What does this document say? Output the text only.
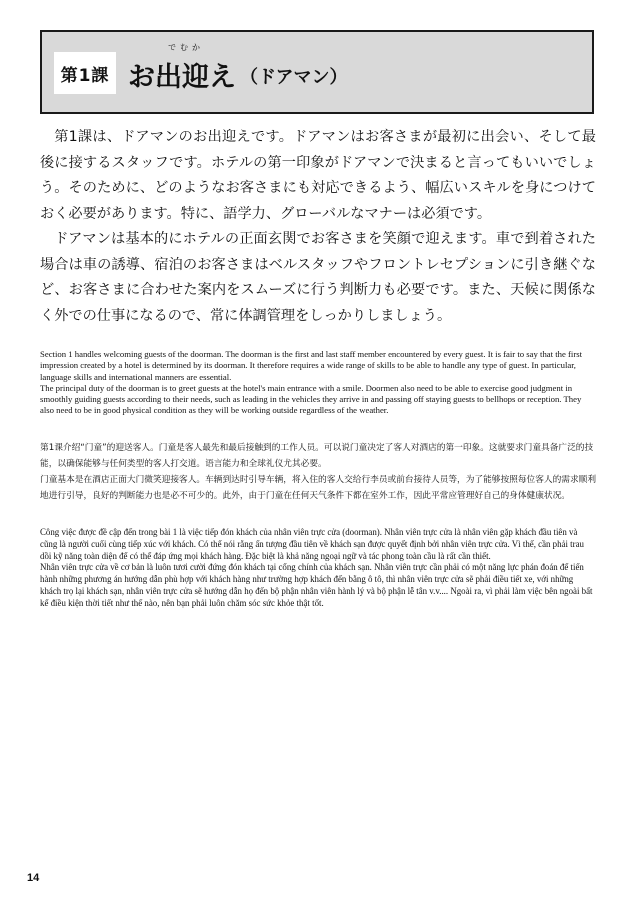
第1課
でむか
お出迎え （ドアマン）

第1課は、ドアマンのお出迎えです。ドアマンはお客さまが最初に出会い、そして最後に接するスタッフです。ホテルの第一印象がドアマンで決まると言ってもいいでしょう。そのために、どのようなお客さまにも対応できるよう、幅広いスキルを身につけておく必要があります。特に、語学力、グローバルなマナーは必須です。

ドアマンは基本的にホテルの正面玄関でお客さまを笑顔で迎えます。車で到着された場合は車の誘導、宿泊のお客さまはベルスタッフやフロントレセプションに引き継ぐなど、お客さまに合わせた案内をスムーズに行う判断力も必要です。また、天候に関係なく外での仕事になるので、常に体調管理をしっかりしましょう。

Section 1 handles welcoming guests of the doorman. The doorman is the first and last staff member encountered by every guest. It is fair to say that the first impression created by a hotel is determined by its doorman. It therefore requires a wide range of skills to be able to handle any type of guest. In particular, language skills and international manners are essential.

The principal duty of the doorman is to greet guests at the hotel's main entrance with a smile. Doormen also need to be able to exercise good judgment in smoothly guiding guests according to their needs, such as leading in the vehicles they arrive in and passing off staying guests to bellhops or reception. They also need to be in good physical condition as they will be working outside regardless of the weather.

第1课介绍“门童”的迎送客人。门童是客人最先和最后接触到的工作人员。可以说门童决定了客人对酒店的第一印象。这就要求门童具备广泛的技能，以确保能够与任何类型的客人打交道。语言能力和全球礼仪尤其必要。

门童基本是在酒店正面大门微笑迎接客人。车辆到达时引导车辆，将入住的客人交给行李员或前台接待人员等，为了能够按照每位客人的需求顺利地进行引导，良好的判断能力也是必不可少的。此外，由于门童在任何天气条件下都在室外工作，因此平常应管理好自己的身体健康状况。

Công việc được đề cập đến trong bài 1 là việc tiếp đón khách của nhân viên trực cửa (doorman). Nhân viên trực cửa là nhân viên gặp khách đầu tiên và cũng là người cuối cùng tiếp xúc với khách. Có thể nói rằng ấn tượng đầu tiên về khách sạn được quyết định bởi nhân viên trực cửa. Vì thế, cần phải trau dồi kỹ năng toàn diện để có thể đáp ứng mọi khách hàng. Đặc biệt là khả năng ngoại ngữ và tác phong toàn cầu là rất cần thiết.

Nhân viên trực cửa về cơ bản là luôn tươi cười đứng đón khách tại cổng chính của khách sạn. Nhân viên trực cần phải có một năng lực phán đoán để tiến hành những phương án hướng dẫn phù hợp với khách hàng như trường hợp khách đến bằng ô tô, thì nhân viên trực cửa sẽ phải điều tiết xe, với những khách trọ lại khách sạn, nhân viên trực cửa sẽ hướng dẫn họ đến bộ phận nhân viên hành lý và bộ phận lễ tân v.v.... Ngoài ra, vì phải làm việc bên ngoài bất kể điều kiện thời tiết như thế nào, nên bạn phải luôn chăm sóc sức khỏe thật tốt.

14
